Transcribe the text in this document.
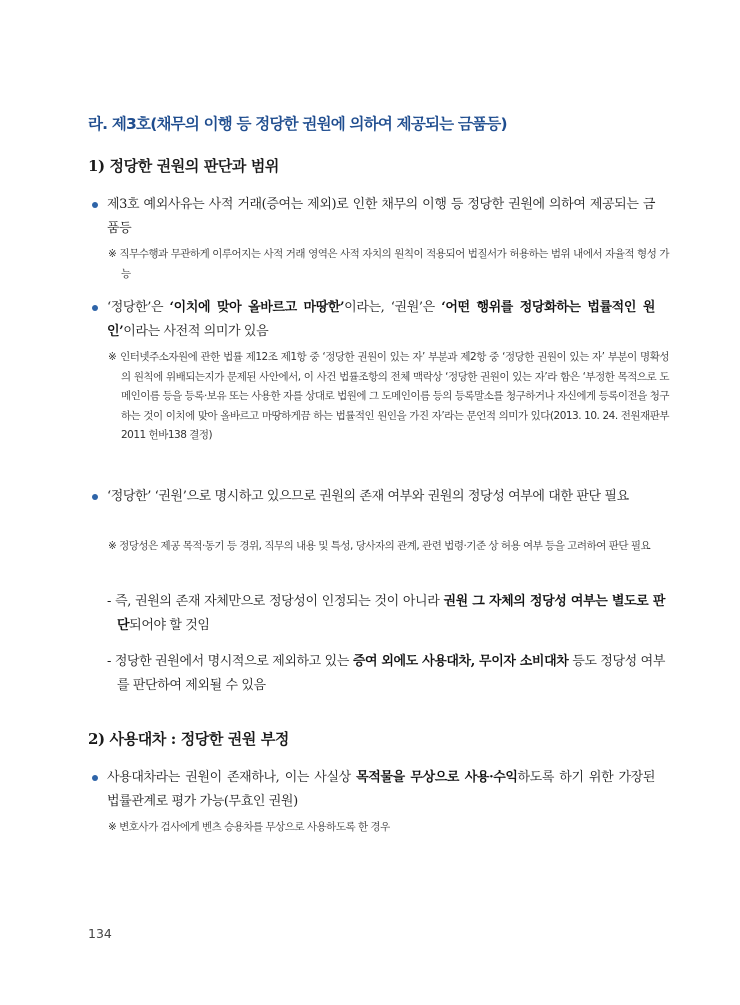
라. 제3호(채무의 이행 등 정당한 권원에 의하여 제공되는 금품등)
1) 정당한 권원의 판단과 범위
제3호 예외사유는 사적 거래(증여는 제외)로 인한 채무의 이행 등 정당한 권원에 의하여 제공되는 금품등
※ 직무수행과 무관하게 이루어지는 사적 거래 영역은 사적 자치의 원칙이 적용되어 법질서가 허용하는 범위 내에서 자율적 형성 가능
‘정당한’은 ‘이치에 맞아 올바르고 마땅한’이라는, ‘권원’은 ‘어떤 행위를 정당화하는 법률적인 원인’이라는 사전적 의미가 있음
※ 인터넷주소자원에 관한 법률 제12조 제1항 중 ‘정당한 권원이 있는 자’ 부분과 제2항 중 ‘정당한 권원이 있는 자’ 부분이 명확성의 원칙에 위배되는지가 문제된 사안에서, 이 사건 법률조항의 전체 맥락상 ‘정당한 권원이 있는 자’라 함은 ‘부정한 목적으로 도메인이름 등을 등록·보유 또는 사용한 자를 상대로 법원에 그 도메인이름 등의 등록말소를 청구하거나 자신에게 등록이전을 청구하는 것이 이치에 맞아 올바르고 마땅하게끔 하는 법률적인 원인을 가진 자’라는 문언적 의미가 있다(2013. 10. 24. 전원재판부 2011 헌바138 결정)
‘정당한’ ‘권원’으로 명시하고 있으므로 권원의 존재 여부와 권원의 정당성 여부에 대한 판단 필요
※ 정당성은 제공 목적·동기 등 경위, 직무의 내용 및 특성, 당사자의 관계, 관련 법령·기준 상 허용 여부 등을 고려하여 판단 필요
- 즉, 권원의 존재 자체만으로 정당성이 인정되는 것이 아니라 권원 그 자체의 정당성 여부는 별도로 판단되어야 할 것임
- 정당한 권원에서 명시적으로 제외하고 있는 증여 외에도 사용대차, 무이자 소비대차 등도 정당성 여부를 판단하여 제외될 수 있음
2) 사용대차 : 정당한 권원 부정
사용대차라는 권원이 존재하나, 이는 사실상 목적물을 무상으로 사용·수익하도록 하기 위한 가장된 법률관계로 평가 가능(무효인 권원)
※ 변호사가 검사에게 벤츠 승용차를 무상으로 사용하도록 한 경우
134
